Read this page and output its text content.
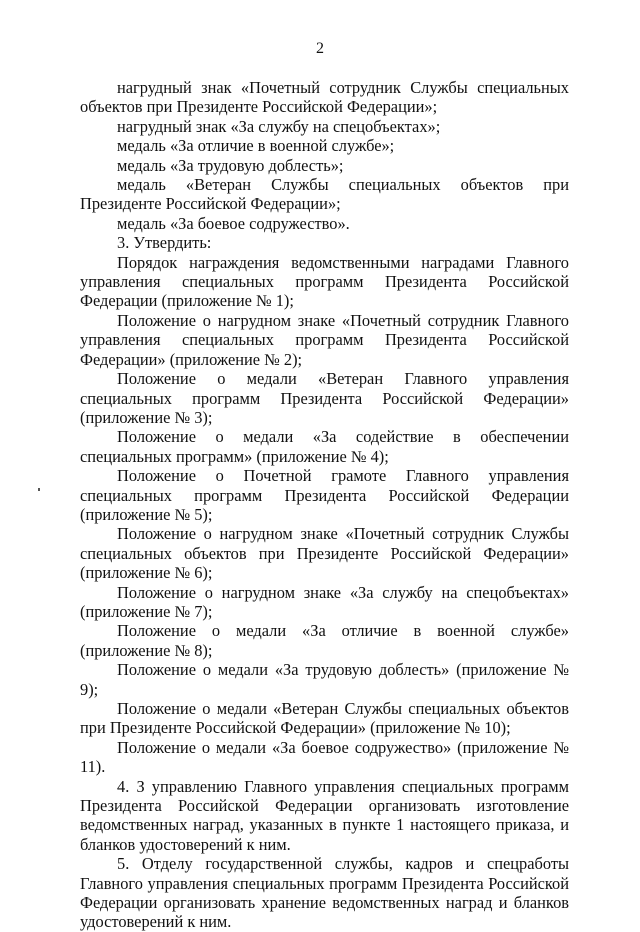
2

нагрудный знак «Почетный сотрудник Службы специальных объектов при Президенте Российской Федерации»;

нагрудный знак «За службу на спецобъектах»;

медаль «За отличие в военной службе»;

медаль «За трудовую доблесть»;

медаль «Ветеран Службы специальных объектов при Президенте Российской Федерации»;

медаль «За боевое содружество».

3. Утвердить:

Порядок награждения ведомственными наградами Главного управления специальных программ Президента Российской Федерации (приложение № 1);

Положение о нагрудном знаке «Почетный сотрудник Главного управления специальных программ Президента Российской Федерации» (приложение № 2);

Положение о медали «Ветеран Главного управления специальных программ Президента Российской Федерации» (приложение № 3);

Положение о медали «За содействие в обеспечении специальных программ» (приложение № 4);

Положение о Почетной грамоте Главного управления специальных программ Президента Российской Федерации (приложение № 5);

Положение о нагрудном знаке «Почетный сотрудник Службы специальных объектов при Президенте Российской Федерации» (приложение № 6);

Положение о нагрудном знаке «За службу на спецобъектах» (приложение № 7);

Положение о медали «За отличие в военной службе» (приложение № 8);

Положение о медали «За трудовую доблесть» (приложение № 9);

Положение о медали «Ветеран Службы специальных объектов при Президенте Российской Федерации» (приложение № 10);

Положение о медали «За боевое содружество» (приложение № 11).

4. З управлению Главного управления специальных программ Президента Российской Федерации организовать изготовление ведомственных наград, указанных в пункте 1 настоящего приказа, и бланков удостоверений к ним.

5. Отделу государственной службы, кадров и спецработы Главного управления специальных программ Президента Российской Федерации организовать хранение ведомственных наград и бланков удостоверений к ним.
